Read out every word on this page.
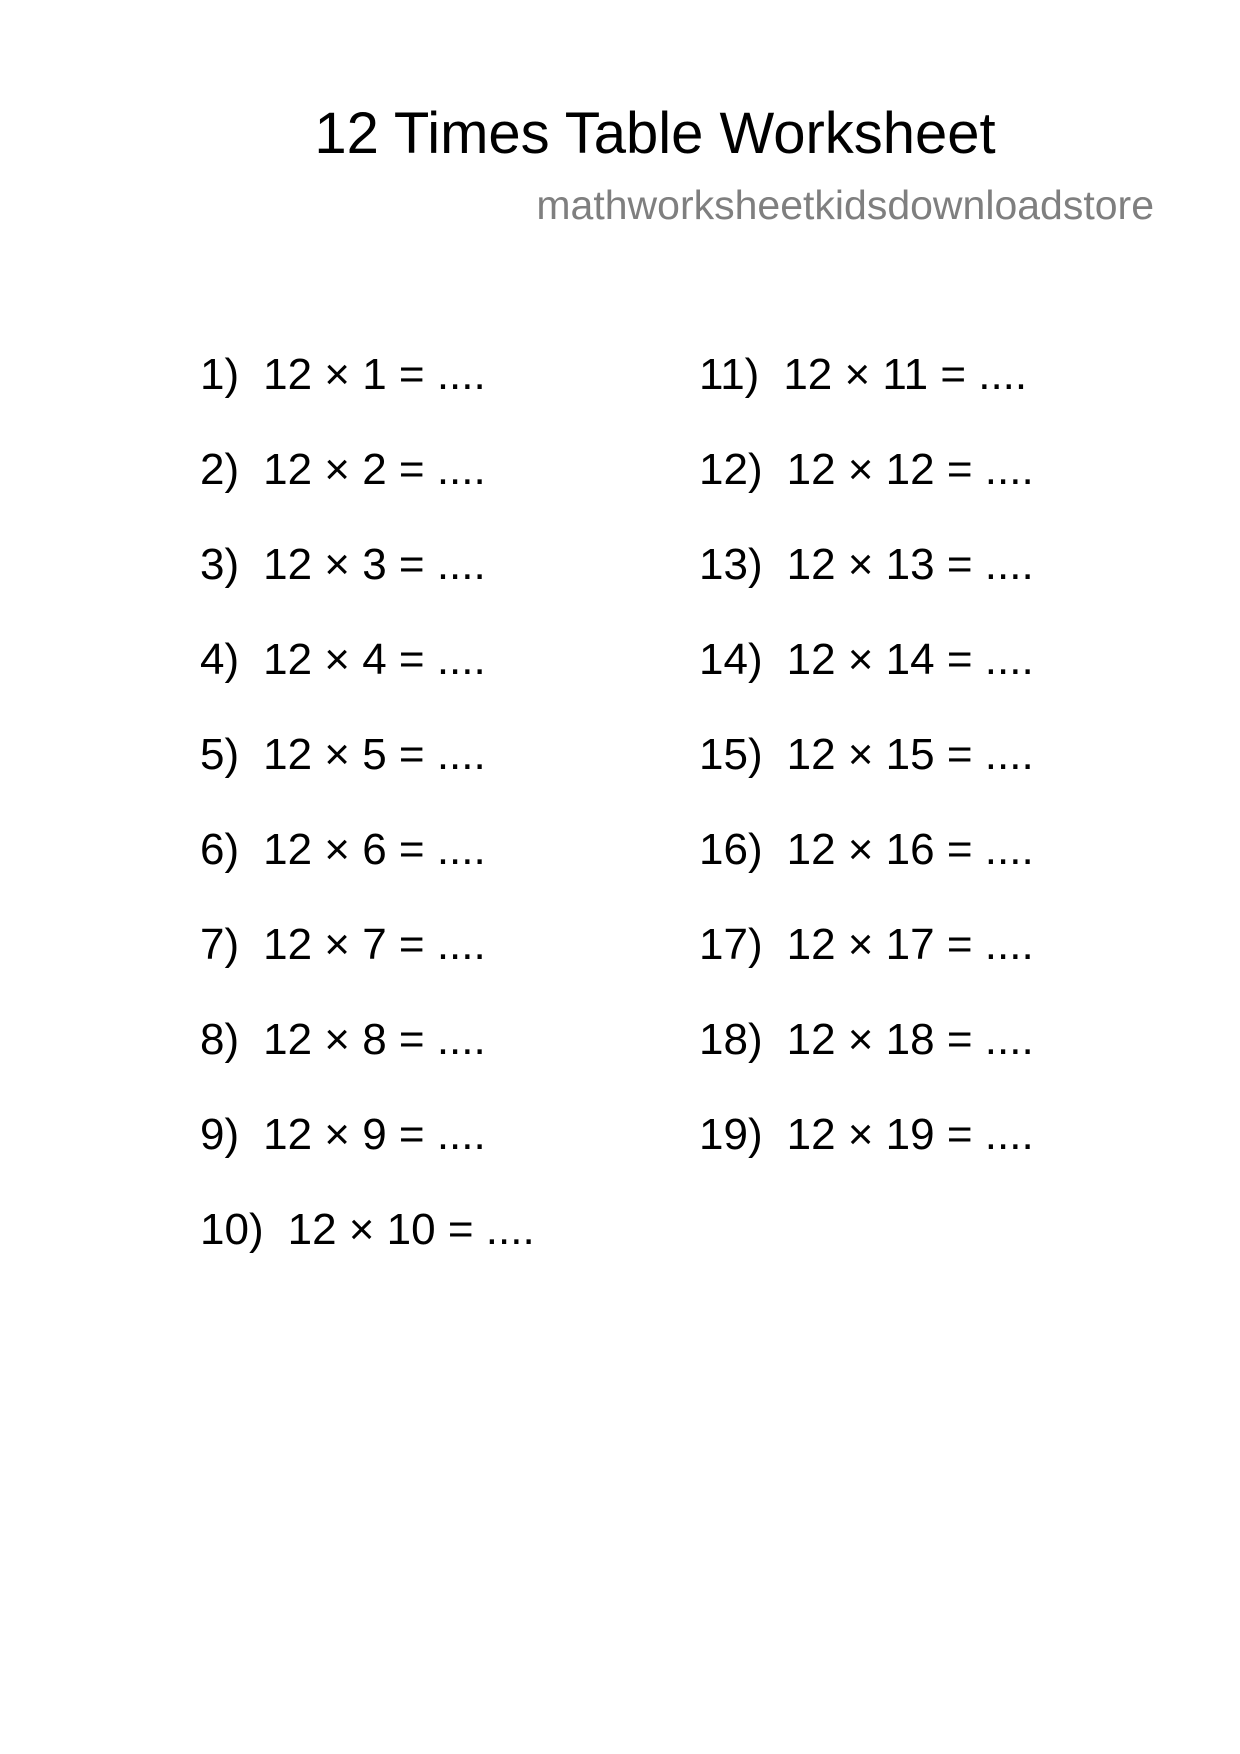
12 Times Table Worksheet
mathworksheetkidsdownloadstore
1) 12 × 1 = ....
2) 12 × 2 = ....
3) 12 × 3 = ....
4) 12 × 4 = ....
5) 12 × 5 = ....
6) 12 × 6 = ....
7) 12 × 7 = ....
8) 12 × 8 = ....
9) 12 × 9 = ....
10) 12 × 10 = ....
11) 12 × 11 = ....
12) 12 × 12 = ....
13) 12 × 13 = ....
14) 12 × 14 = ....
15) 12 × 15 = ....
16) 12 × 16 = ....
17) 12 × 17 = ....
18) 12 × 18 = ....
19) 12 × 19 = ....
